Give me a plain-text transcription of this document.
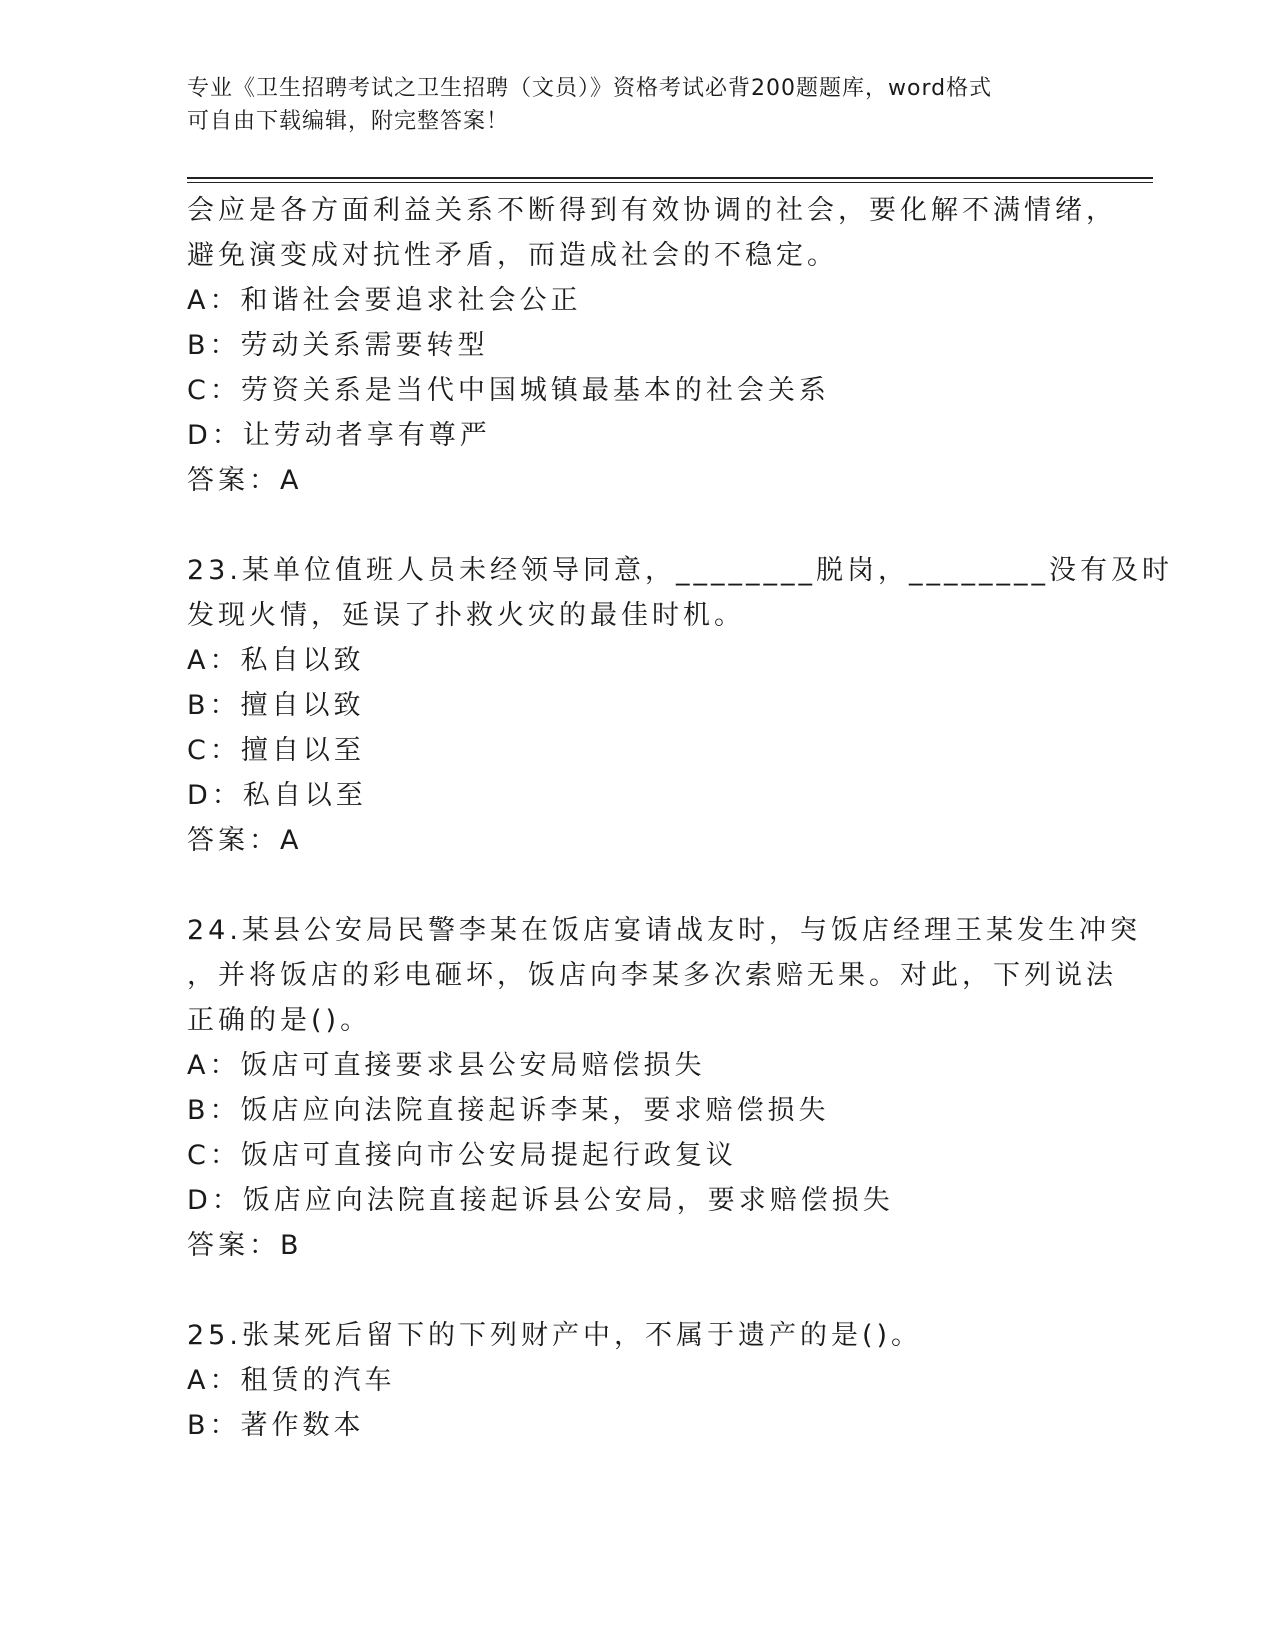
专业《卫生招聘考试之卫生招聘（文员）》资格考试必背200题题库，word格式
可自由下载编辑，附完整答案！
会应是各方面利益关系不断得到有效协调的社会，要化解不满情绪，
避免演变成对抗性矛盾，而造成社会的不稳定。
A：和谐社会要追求社会公正
B：劳动关系需要转型
C：劳资关系是当代中国城镇最基本的社会关系
D：让劳动者享有尊严
答案：A
23.某单位值班人员未经领导同意，________脱岗，________没有及时
发现火情，延误了扑救火灾的最佳时机。
A：私自以致
B：擅自以致
C：擅自以至
D：私自以至
答案：A
24.某县公安局民警李某在饭店宴请战友时，与饭店经理王某发生冲突
，并将饭店的彩电砸坏，饭店向李某多次索赔无果。对此，下列说法
正确的是()。
A：饭店可直接要求县公安局赔偿损失
B：饭店应向法院直接起诉李某，要求赔偿损失
C：饭店可直接向市公安局提起行政复议
D：饭店应向法院直接起诉县公安局，要求赔偿损失
答案：B
25.张某死后留下的下列财产中，不属于遗产的是()。
A：租赁的汽车
B：著作数本
